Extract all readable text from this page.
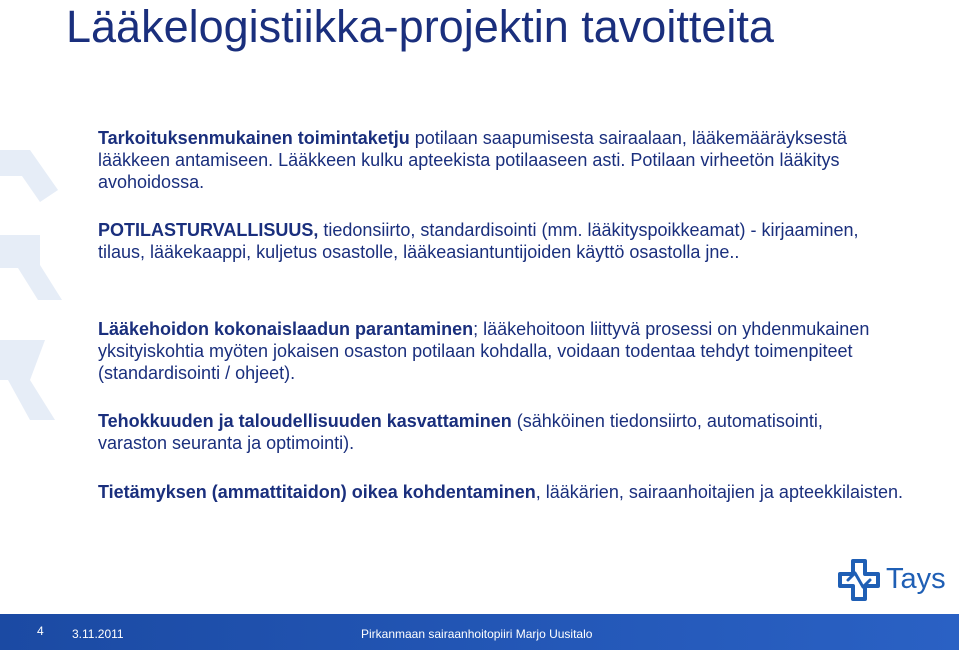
Lääkelogistiikka-projektin tavoitteita

Tarkoituksenmukainen toimintaketju potilaan saapumisesta sairaalaan, lääkemääräyksestä lääkkeen antamiseen. Lääkkeen kulku apteekista potilaaseen asti. Potilaan virheetön lääkitys avohoidossa.

POTILASTURVALLISUUS, tiedonsiirto, standardisointi (mm. lääkityspoikkeamat) - kirjaaminen, tilaus, lääkekaappi, kuljetus osastolle, lääkeasiantuntijoiden käyttö osastolla jne..

Lääkehoidon kokonaislaadun parantaminen; lääkehoitoon liittyvä prosessi on yhdenmukainen yksityiskohtia myöten jokaisen osaston potilaan kohdalla, voidaan todentaa tehdyt toimenpiteet (standardisointi / ohjeet).

Tehokkuuden ja taloudellisuuden kasvattaminen (sähköinen tiedonsiirto, automatisointi, varaston seuranta ja optimointi).

Tietämyksen (ammattitaidon) oikea kohdentaminen, lääkärien, sairaanhoitajien ja apteekkilaisten.

Tays
4 3.11.2011	Pirkanmaan sairaanhoitopiiri Marjo Uusitalo
